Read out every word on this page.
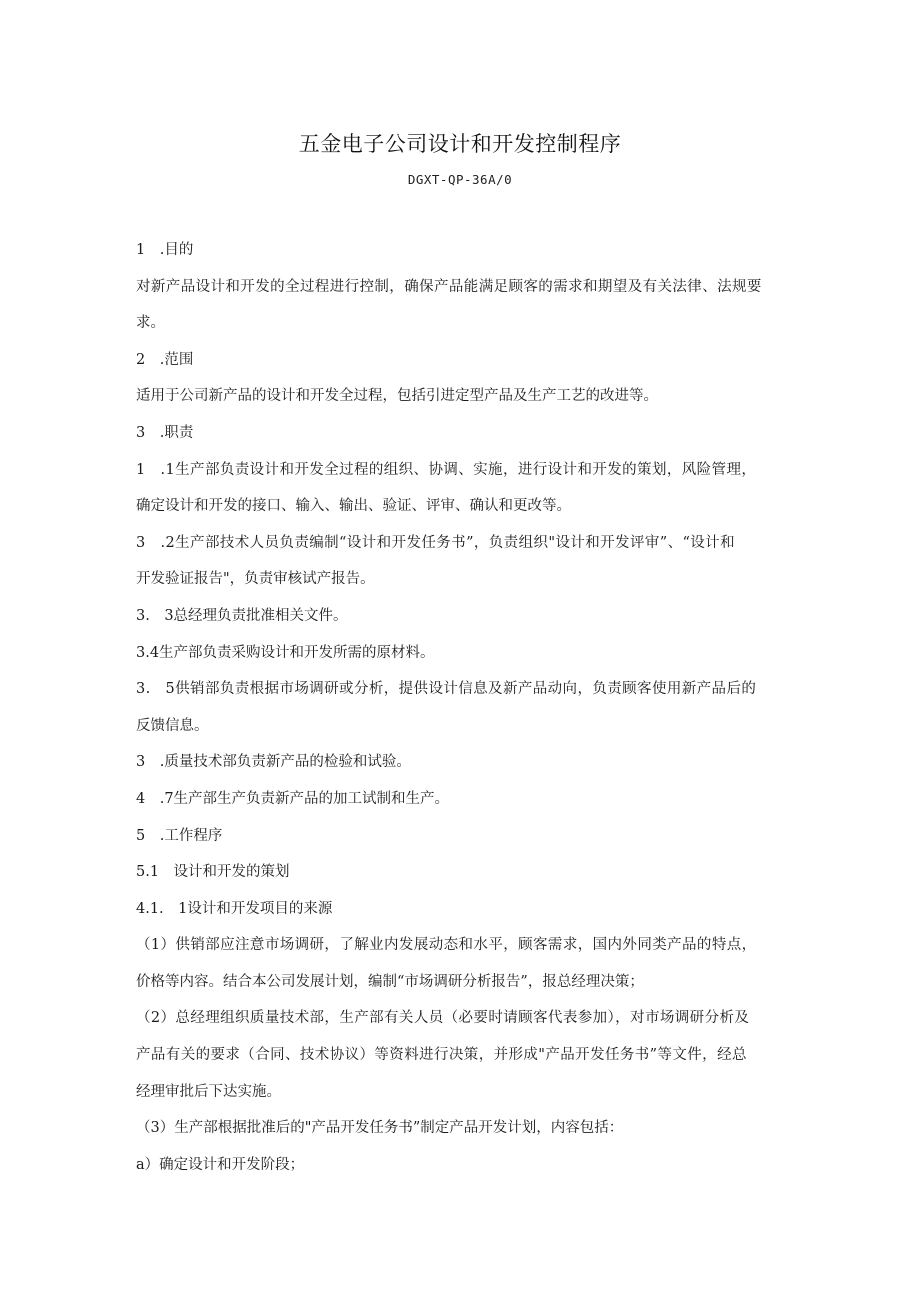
五金电子公司设计和开发控制程序
DGXT-QP-36A/0
1　.目的
对新产品设计和开发的全过程进行控制，确保产品能满足顾客的需求和期望及有关法律、法规要
求。
2　.范围
适用于公司新产品的设计和开发全过程，包括引进定型产品及生产工艺的改进等。
3　.职责
1　.1生产部负责设计和开发全过程的组织、协调、实施，进行设计和开发的策划，风险管理，
确定设计和开发的接口、输入、输出、验证、评审、确认和更改等。
3　.2生产部技术人员负责编制“设计和开发任务书”，负责组织"设计和开发评审”、“设计和
开发验证报告"，负责审核试产报告。
3.　3总经理负责批准相关文件。
3.4生产部负责采购设计和开发所需的原材料。
3.　5供销部负责根据市场调研或分析，提供设计信息及新产品动向，负责顾客使用新产品后的
反馈信息。
3　.质量技术部负责新产品的检验和试验。
4　.7生产部生产负责新产品的加工试制和生产。
5　.工作程序
5.1　设计和开发的策划
4.1.　1设计和开发项目的来源
（1）供销部应注意市场调研，了解业内发展动态和水平，顾客需求，国内外同类产品的特点，
价格等内容。结合本公司发展计划，编制“市场调研分析报告”，报总经理决策；
（2）总经理组织质量技术部，生产部有关人员（必要时请顾客代表参加），对市场调研分析及
产品有关的要求（合同、技术协议）等资料进行决策，并形成"产品开发任务书”等文件，经总
经理审批后下达实施。
（3）生产部根据批准后的"产品开发任务书”制定产品开发计划，内容包括：
a）确定设计和开发阶段；
